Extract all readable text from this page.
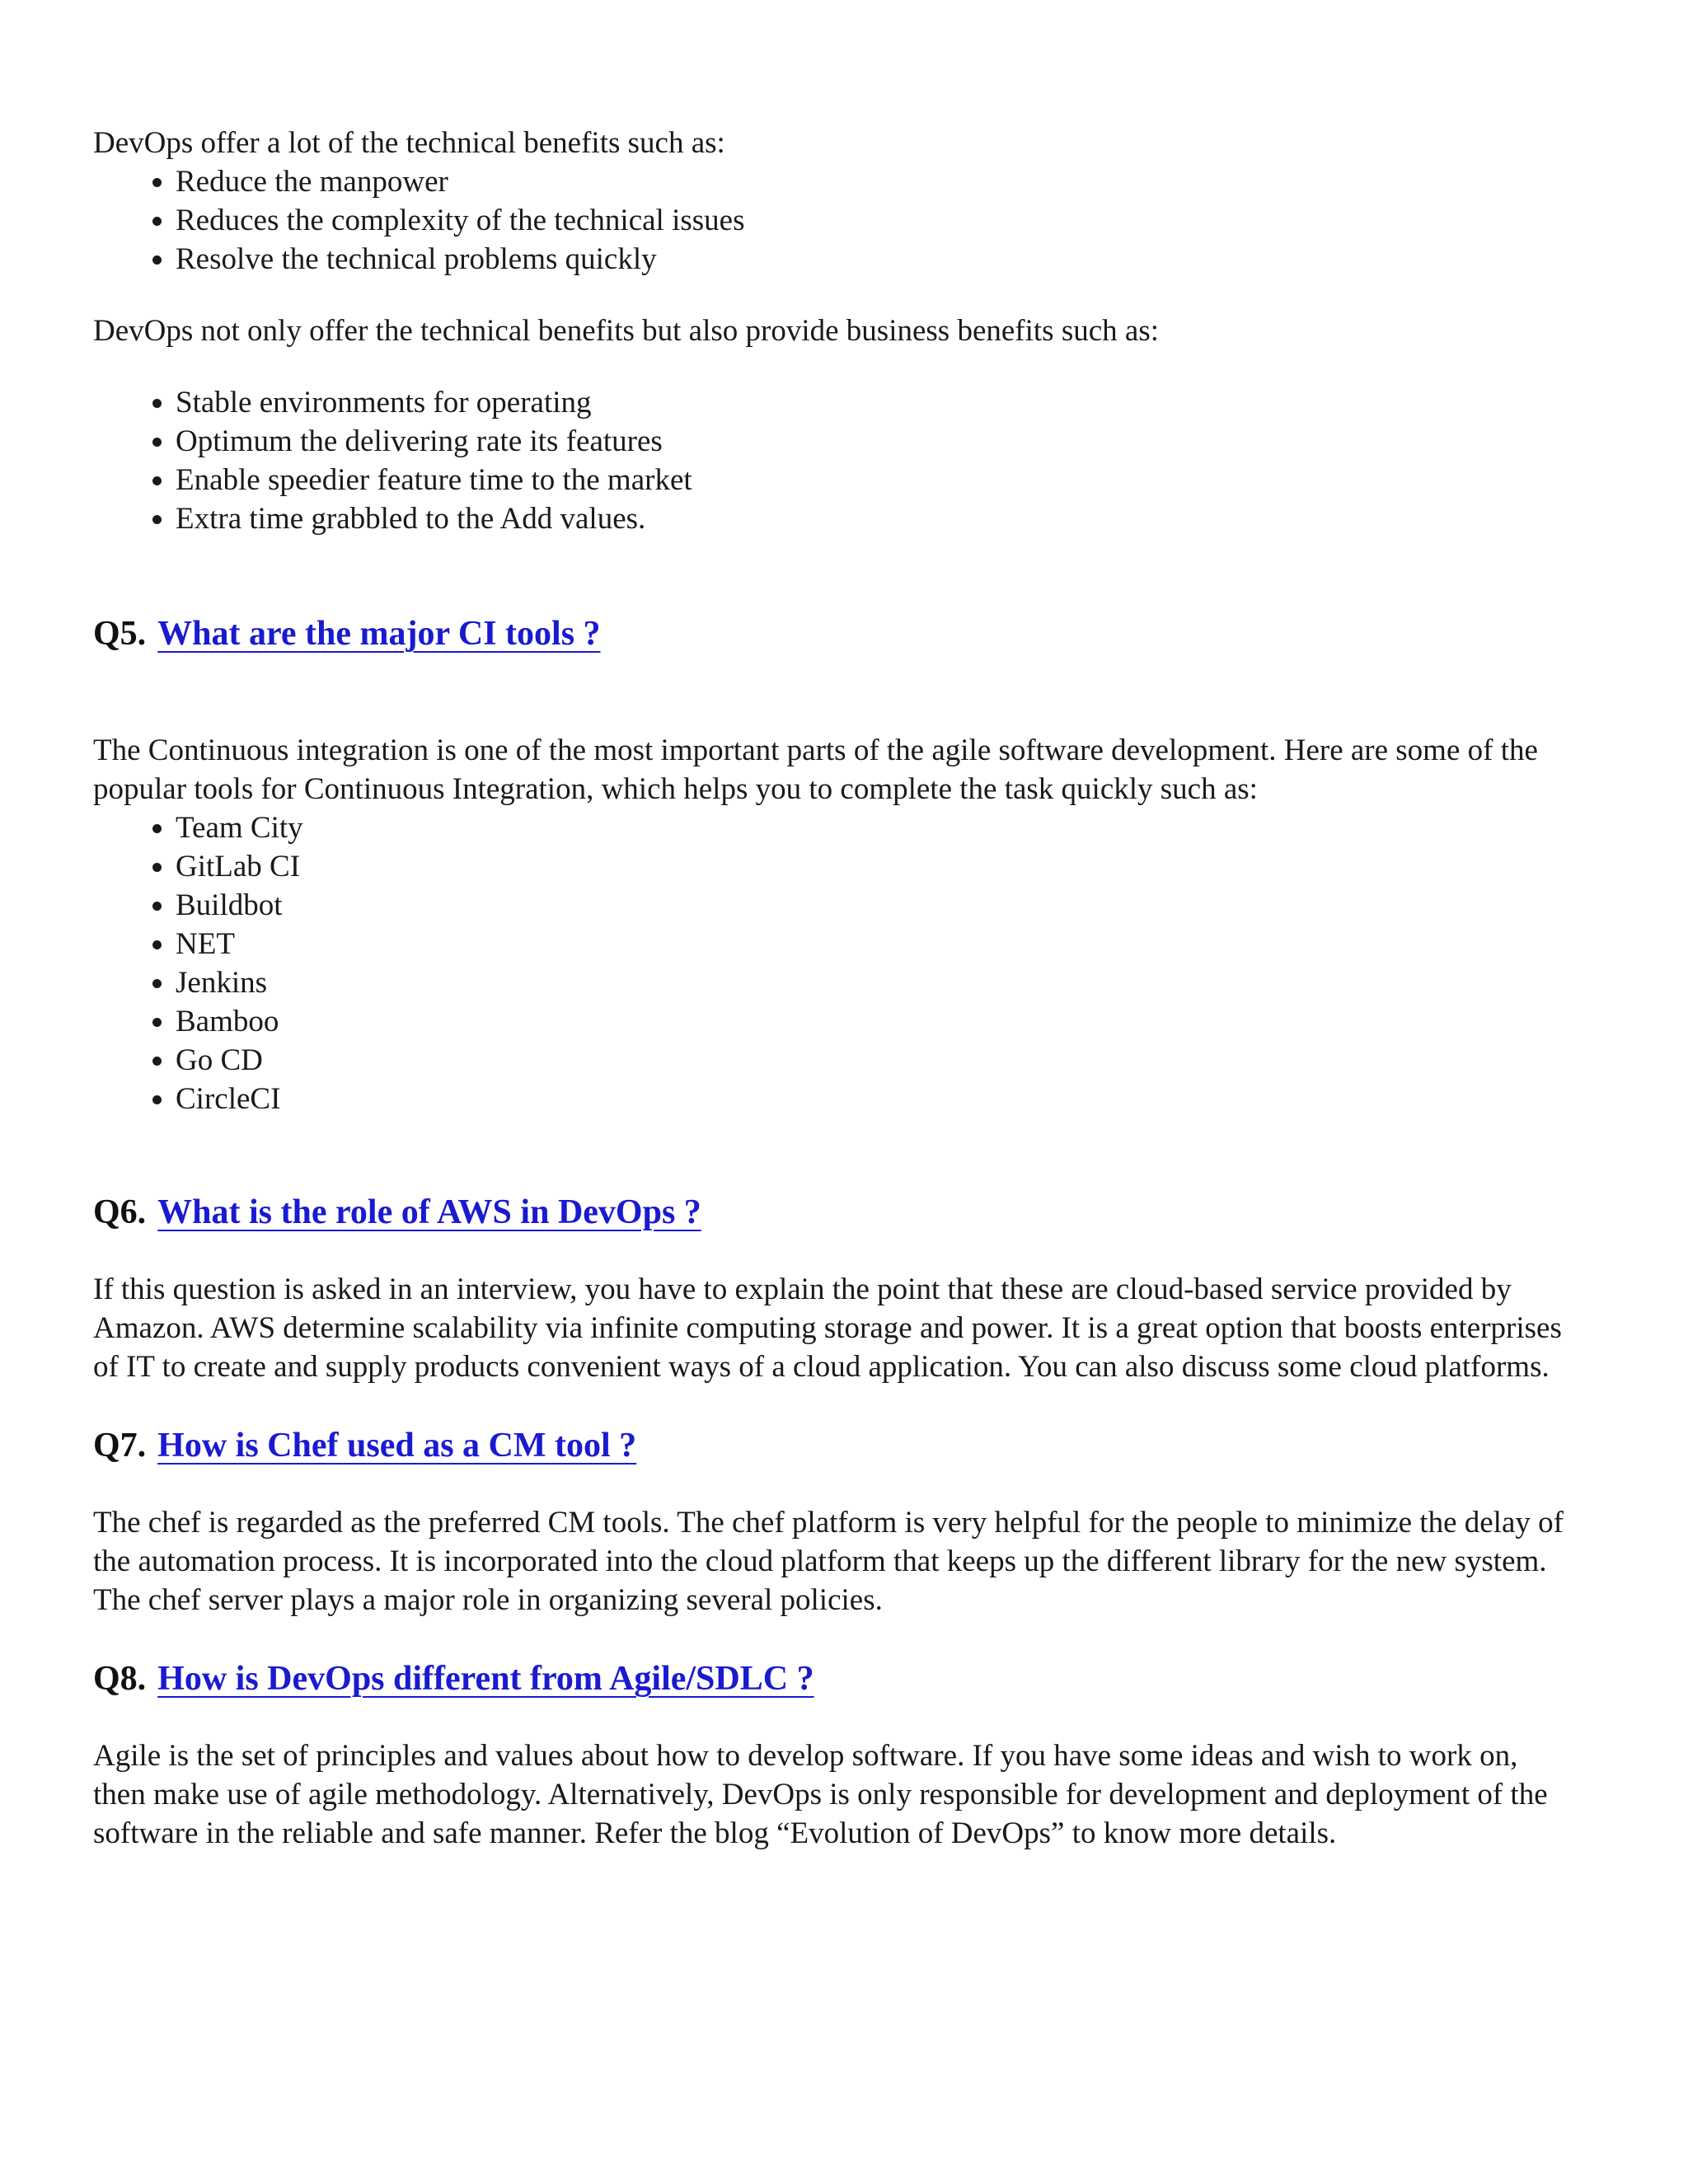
DevOps offer a lot of the technical benefits such as:

• Reduce the manpower
• Reduces the complexity of the technical issues
• Resolve the technical problems quickly

DevOps not only offer the technical benefits but also provide business benefits such as:

• Stable environments for operating
• Optimum the delivering rate its features
• Enable speedier feature time to the market
• Extra time grabbled to the Add values.
Q5. What are the major CI tools ?

The Continuous integration is one of the most important parts of the agile software development. Here are some of the popular tools for Continuous Integration, which helps you to complete the task quickly such as:

• Team City
• GitLab CI
• Buildbot
• NET
• Jenkins
• Bamboo
• Go CD
• CircleCI
Q6. What is the role of AWS in DevOps ?

If this question is asked in an interview, you have to explain the point that these are cloud-based service provided by Amazon. AWS determine scalability via infinite computing storage and power. It is a great option that boosts enterprises of IT to create and supply products convenient ways of a cloud application. You can also discuss some cloud platforms.

Q7. How is Chef used as a CM tool ?

The chef is regarded as the preferred CM tools. The chef platform is very helpful for the people to minimize the delay of the automation process. It is incorporated into the cloud platform that keeps up the different library for the new system. The chef server plays a major role in organizing several policies.

Q8. How is DevOps different from Agile/SDLC ?

Agile is the set of principles and values about how to develop software. If you have some ideas and wish to work on, then make use of agile methodology. Alternatively, DevOps is only responsible for development and deployment of the software in the reliable and safe manner. Refer the blog “Evolution of DevOps” to know more details.
